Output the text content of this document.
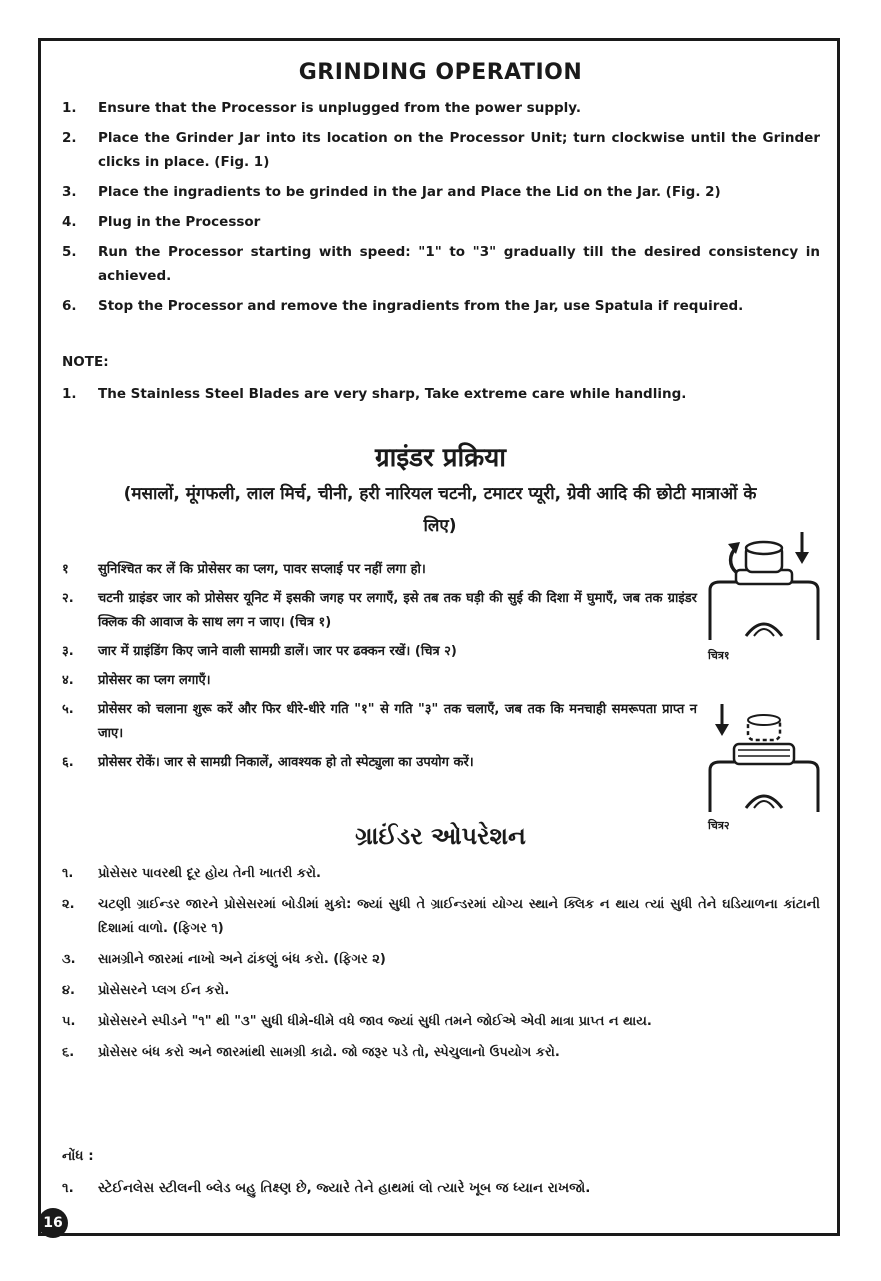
GRINDING OPERATION
1.	Ensure that the Processor is unplugged from the power supply.
2.	Place the Grinder Jar into its location on the Processor Unit; turn clockwise until the Grinder clicks in place. (Fig. 1)
3.	Place the ingradients to be grinded in the Jar and Place the Lid on the Jar. (Fig. 2)
4.	Plug in the Processor
5.	Run the Processor starting with speed: "1" to "3" gradually till the desired consistency in achieved.
6.	Stop the Processor and remove the ingradients from the Jar, use Spatula if required.
NOTE:
1.	The Stainless Steel Blades are very sharp, Take extreme care while handling.
ग्राइंडर प्रक्रिया
(मसालों, मूंगफली, लाल मिर्च, चीनी, हरी नारियल चटनी, टमाटर प्यूरी, ग्रेवी आदि की छोटी मात्राओं के लिए)
१	सुनिश्चित कर लें कि प्रोसेसर का प्लग, पावर सप्लाई पर नहीं लगा हो।
२.	चटनी ग्राइंडर जार को प्रोसेसर यूनिट में इसकी जगह पर लगाएँ, इसे तब तक घड़ी की सुई की दिशा में घुमाएँ, जब तक ग्राइंडर क्लिक की आवाज के साथ लग न जाए। (चित्र १)
३.	जार में ग्राइंडिंग किए जाने वाली सामग्री डालें। जार पर ढक्कन रखें। (चित्र २)
४.	प्रोसेसर का प्लग लगाएँ।
५.	प्रोसेसर को चलाना शुरू करें और फिर धीरे-धीरे गति "१" से गति "३" तक चलाएँ, जब तक कि मनचाही समरूपता प्राप्त न जाए।
६.	प्रोसेसर रोकें। जार से सामग्री निकालें, आवश्यक हो तो स्पेट्युला का उपयोग करें।
चित्र१
चित्र२
ગ્રાઈંડર ઓપરેશન
૧.	પ્રોસેસર પાવરથી દૂર હોય તેની ખાતરી કરો.
૨.	ચટણી ગ્રાઈન્ડર જારને પ્રોસેસરમાં બોડીમાં મુકો: જ્યાં સુધી તે ગ્રાઈન્ડરમાં યોગ્ય સ્થાને ક્લિક ન થાય ત્યાં સુધી તેને ઘડિયાળના કાંટાની દિશામાં વાળો. (ફિગર ૧)
૩.	સામગ્રીને જારમાં નાખો અને ઢાંકણું બંધ કરો. (ફિગર ૨)
૪.	પ્રોસેસરને પ્લગ ઈન કરો.
૫.	પ્રોસેસરને સ્પીડને "૧" થી "૩" સુધી ધીમે-ધીમે વધે જાવ જ્યાં સુધી તમને જોઈએ એવી માત્રા પ્રાપ્ત ન થાય.
૬.	પ્રોસેસર બંધ કરો અને જારમાંથી સામગ્રી કાઢો. જો જરૂર પડે તો, સ્પેચુલાનો ઉપયોગ કરો.
નોંધ :
૧.	સ્ટેઈનલેસ સ્ટીલની બ્લેડ બહુ તિક્ષ્ણ છે, જ્યારે તેને હાથમાં લો ત્યારે ખૂબ જ ધ્યાન રાખજો.
16
